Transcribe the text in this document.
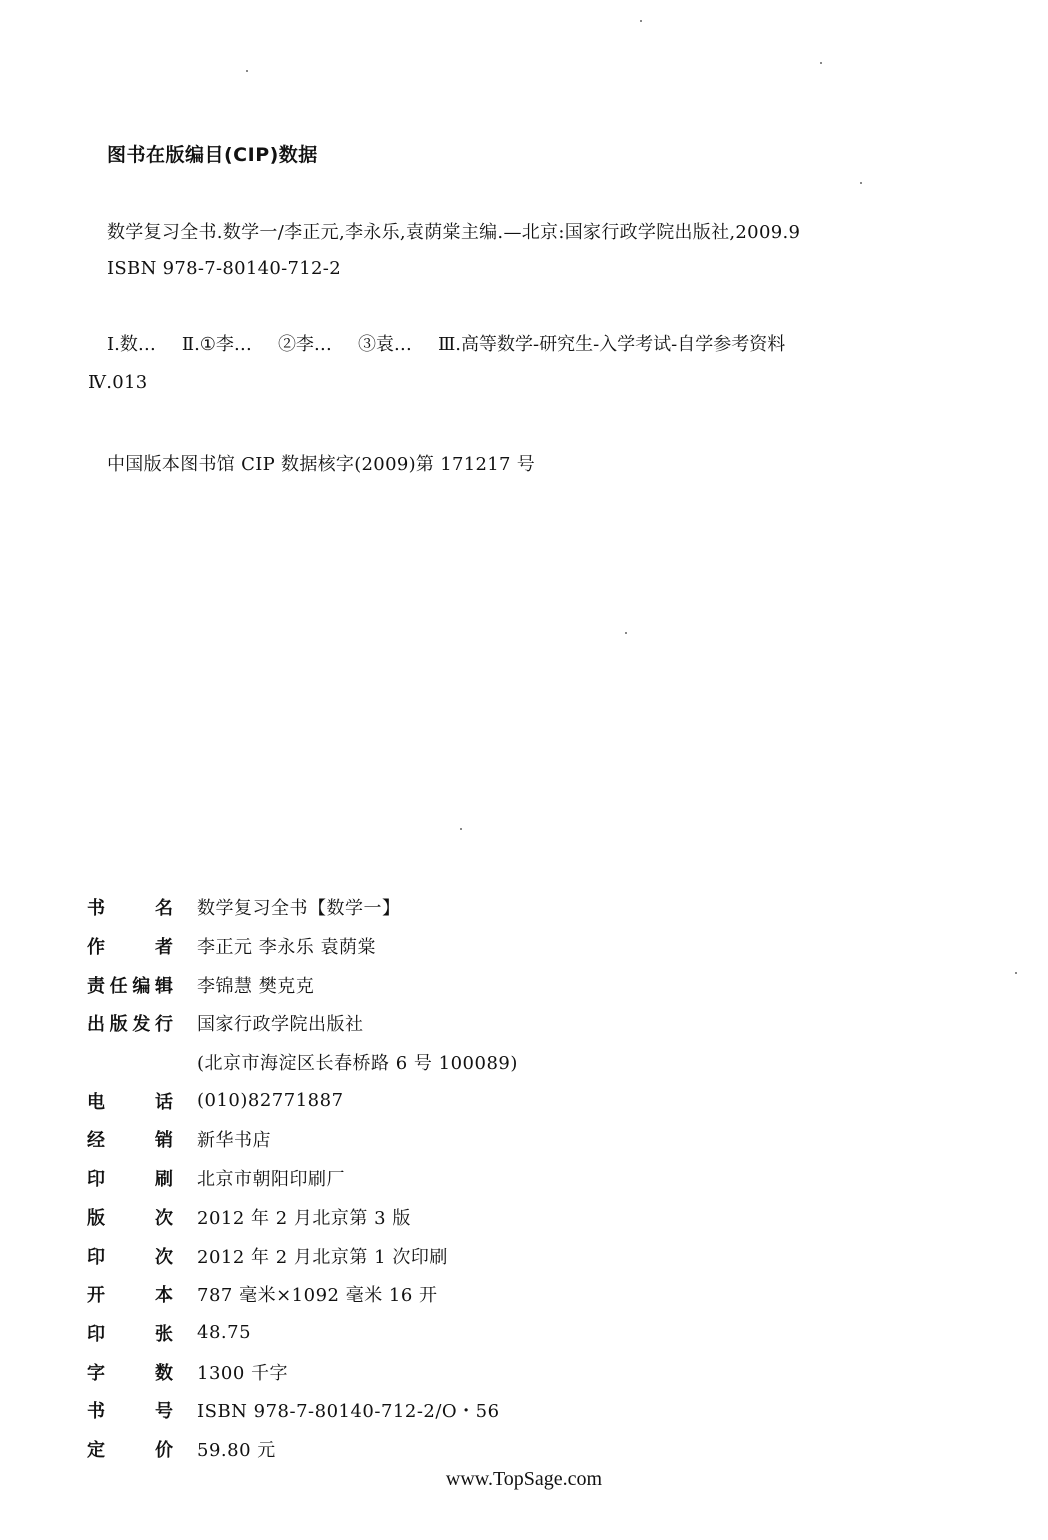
图书在版编目(CIP)数据
数学复习全书.数学一/李正元,李永乐,袁荫棠主编.—北京:国家行政学院出版社,2009.9
ISBN 978-7-80140-712-2
Ⅰ.数… Ⅱ.①李… ②李… ③袁… Ⅲ.高等数学-研究生-入学考试-自学参考资料
Ⅳ.013
中国版本图书馆 CIP 数据核字(2009)第 171217 号
书	名 数学复习全书【数学一】
作	者 李正元 李永乐 袁荫棠
责 任 编 辑 李锦慧 樊克克
出 版 发 行 国家行政学院出版社
(北京市海淀区长春桥路 6 号 100089)
电	话 (010)82771887
经	销 新华书店
印	刷 北京市朝阳印刷厂
版	次 2012 年 2 月北京第 3 版
印	次 2012 年 2 月北京第 1 次印刷
开	本 787 毫米×1092 毫米 16 开
印	张 48.75
字	数 1300 千字
书	号 ISBN 978-7-80140-712-2/O・56
定	价 59.80 元
www.TopSage.com
